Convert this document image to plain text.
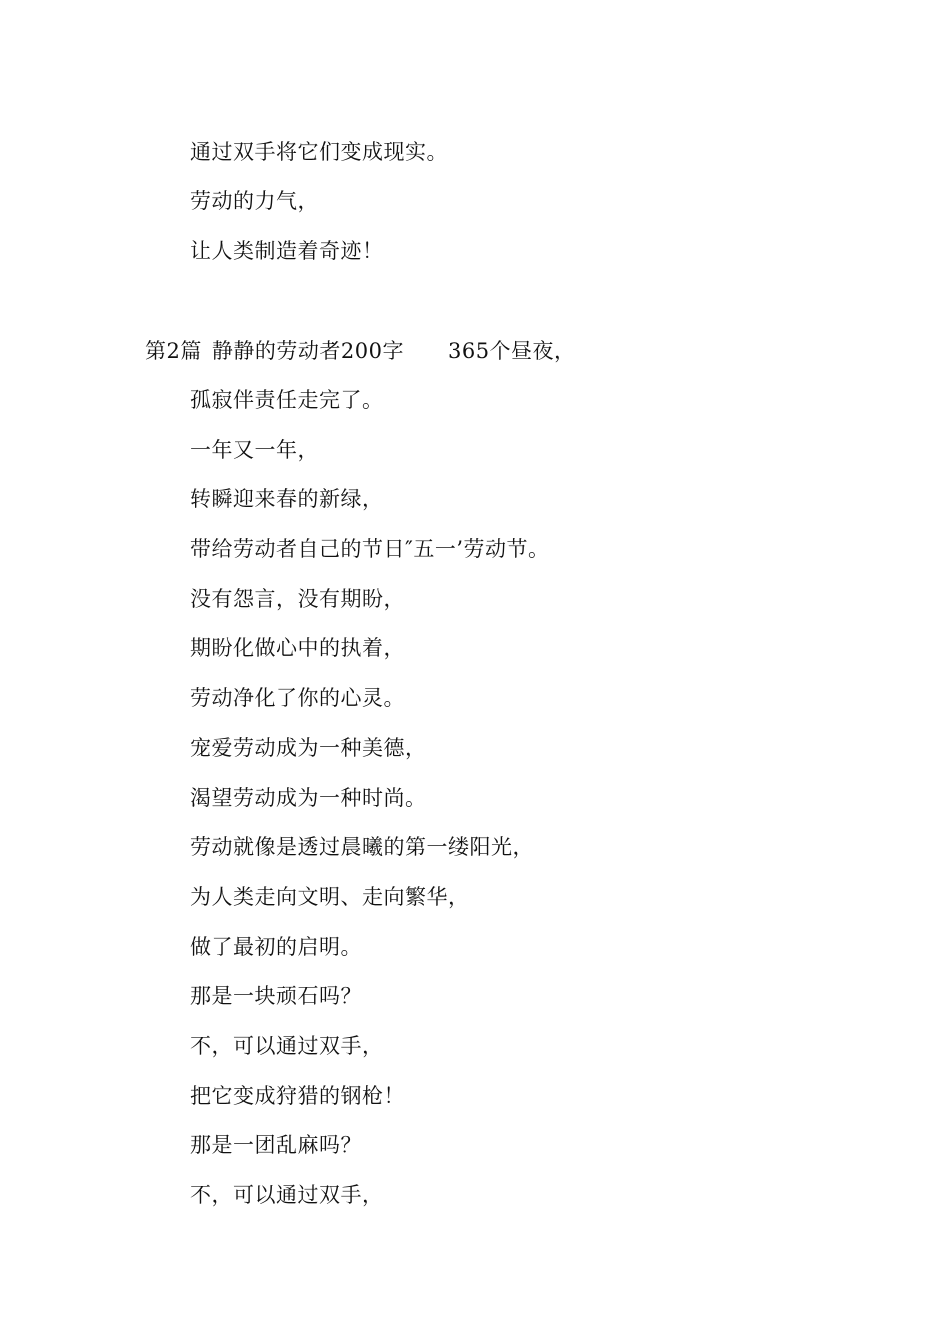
通过双手将它们变成现实。
劳动的力气，
让人类制造着奇迹！
第2篇 静静的劳动者200字 365个昼夜，
孤寂伴责任走完了。
一年又一年，
转瞬迎来春的新绿，
带给劳动者自己的节日″五一’劳动节。
没有怨言，没有期盼，
期盼化做心中的执着，
劳动净化了你的心灵。
宠爱劳动成为一种美德，
渴望劳动成为一种时尚。
劳动就像是透过晨曦的第一缕阳光，
为人类走向文明、走向繁华，
做了最初的启明。
那是一块顽石吗？
不，可以通过双手，
把它变成狩猎的钢枪！
那是一团乱麻吗？
不，可以通过双手，
